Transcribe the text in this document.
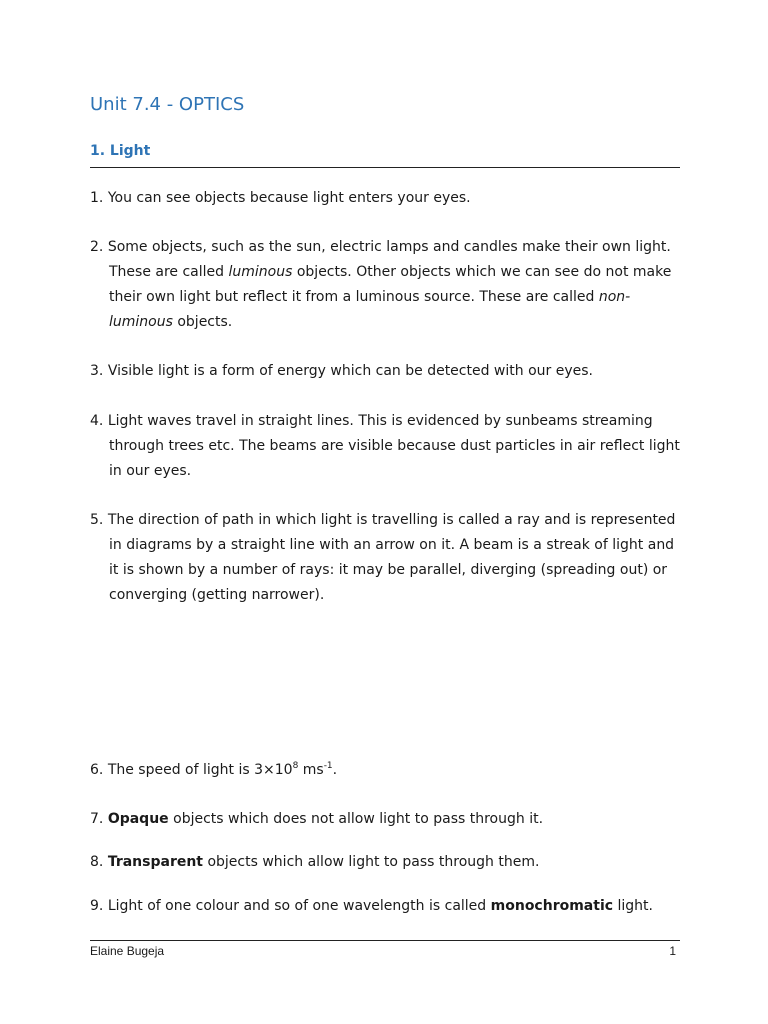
Unit 7.4 - OPTICS
1. Light

1. You can see objects because light enters your eyes.

2. Some objects, such as the sun, electric lamps and candles make their own light. These are called luminous objects. Other objects which we can see do not make their own light but reflect it from a luminous source. These are called non-luminous objects.

3. Visible light is a form of energy which can be detected with our eyes.

4. Light waves travel in straight lines. This is evidenced by sunbeams streaming through trees etc. The beams are visible because dust particles in air reflect light in our eyes.

5. The direction of path in which light is travelling is called a ray and is represented in diagrams by a straight line with an arrow on it. A beam is a streak of light and it is shown by a number of rays: it may be parallel, diverging (spreading out) or converging (getting narrower).

6. The speed of light is $3\times 10^8$ $ms^{-1}$.

7. Opaque objects which does not allow light to pass through it.

8. Transparent objects which allow light to pass through them.

9. Light of one colour and so of one wavelength is called monochromatic light.

Elaine Bugeja	1
